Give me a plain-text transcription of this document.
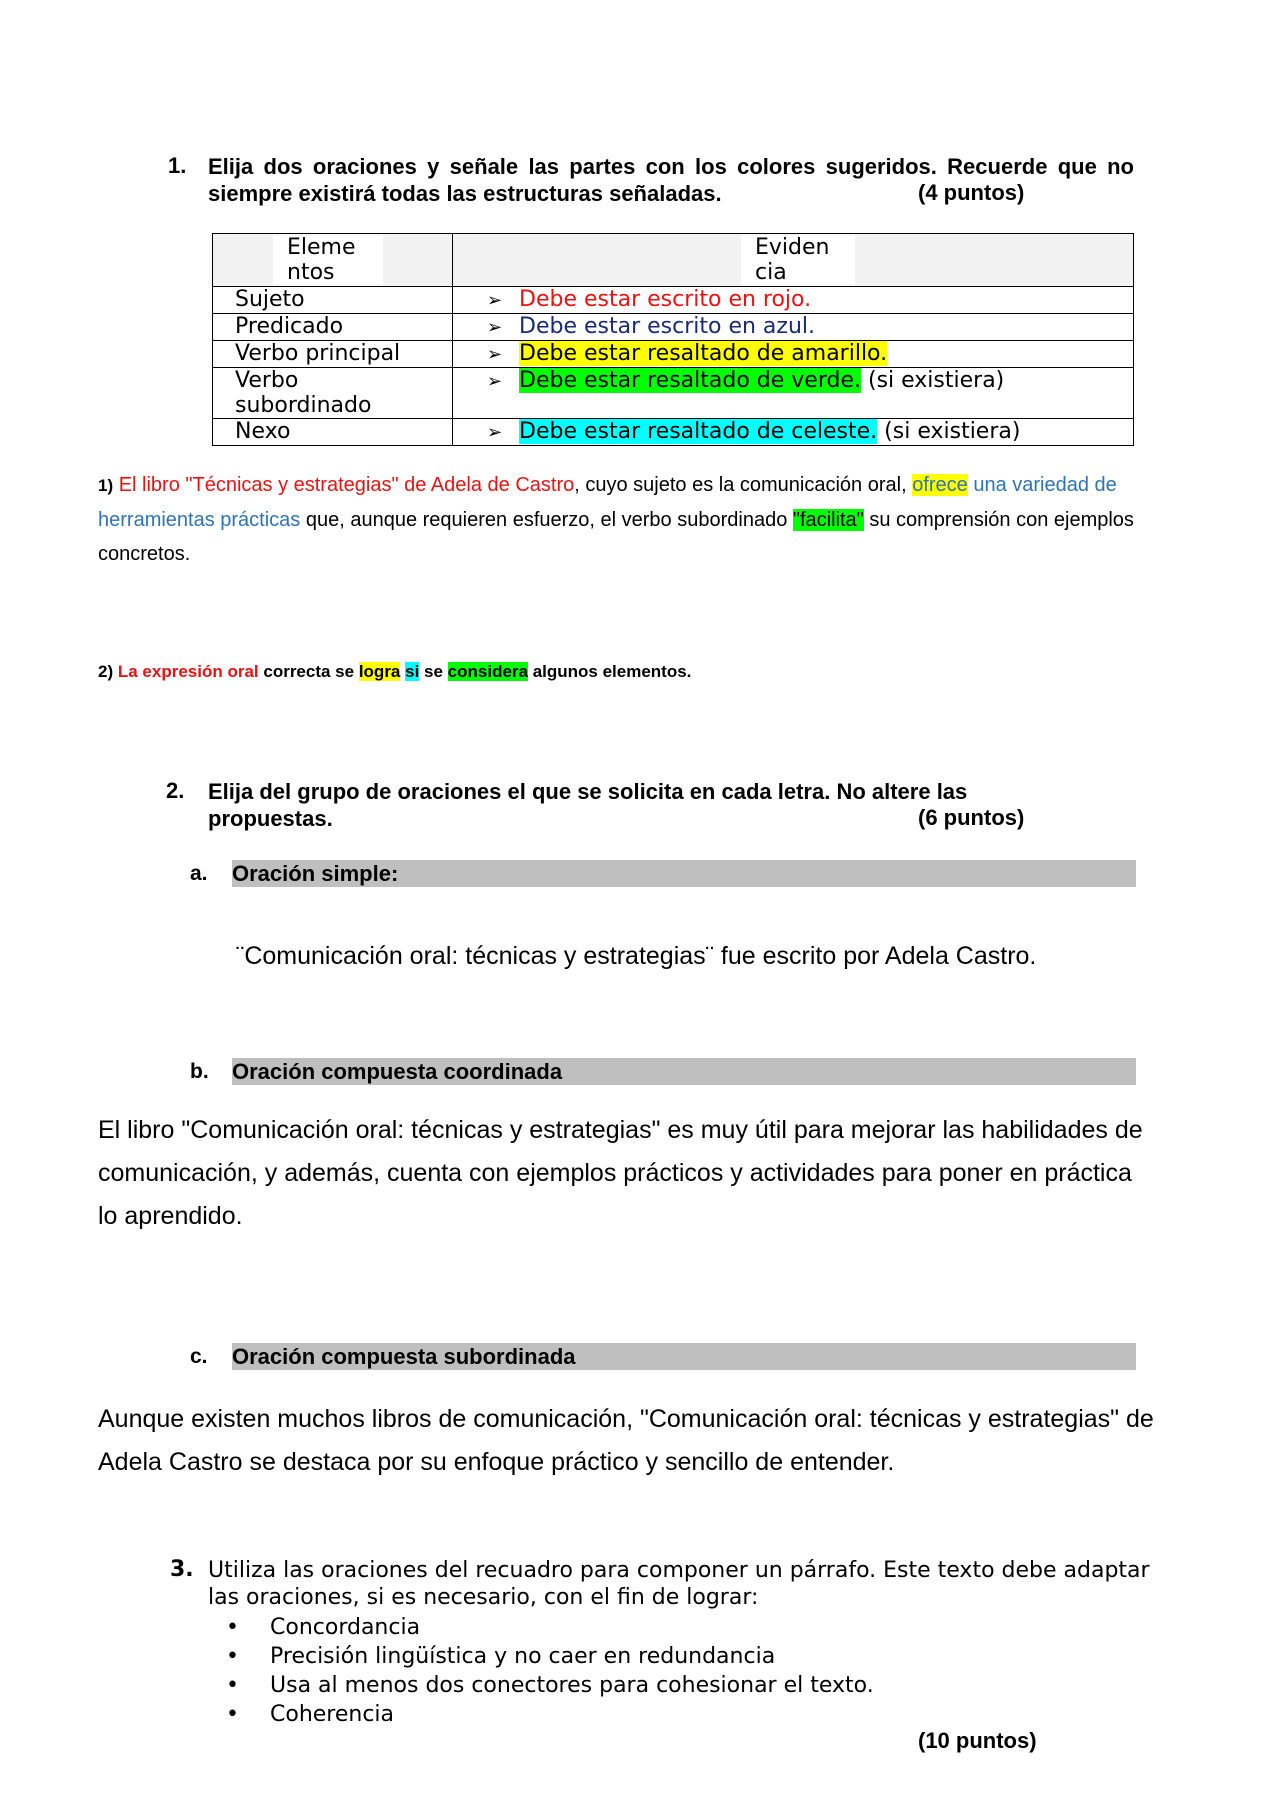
1. Elija dos oraciones y señale las partes con los colores sugeridos. Recuerde que no siempre existirá todas las estructuras señaladas.	(4 puntos)
Elementos	Evidencia

Sujeto	➢ Debe estar escrito en rojo.
Predicado	➢ Debe estar escrito en azul.
Verbo principal	➢ Debe estar resaltado de amarillo.
Verbo subordinado	➢ Debe estar resaltado de verde. (si existiera)
Nexo	➢ Debe estar resaltado de celeste. (si existiera)
1) El libro "Técnicas y estrategias" de Adela de Castro, cuyo sujeto es la comunicación oral, ofrece una variedad de herramientas prácticas que, aunque requieren esfuerzo, el verbo subordinado "facilita" su comprensión con ejemplos concretos.
2) La expresión oral correcta se logra si se considera algunos elementos.
2. Elija del grupo de oraciones el que se solicita en cada letra. No altere las propuestas.	(6 puntos)
a. Oración simple:
¨Comunicación oral: técnicas y estrategias¨ fue escrito por Adela Castro.
b. Oración compuesta coordinada
El libro "Comunicación oral: técnicas y estrategias" es muy útil para mejorar las habilidades de comunicación, y además, cuenta con ejemplos prácticos y actividades para poner en práctica lo aprendido.
c. Oración compuesta subordinada
Aunque existen muchos libros de comunicación, "Comunicación oral: técnicas y estrategias" de Adela Castro se destaca por su enfoque práctico y sencillo de entender.
3. Utiliza las oraciones del recuadro para componer un párrafo. Este texto debe adaptar las oraciones, si es necesario, con el fin de lograr:
• Concordancia
• Precisión lingüística y no caer en redundancia
• Usa al menos dos conectores para cohesionar el texto.
• Coherencia
(10 puntos)
